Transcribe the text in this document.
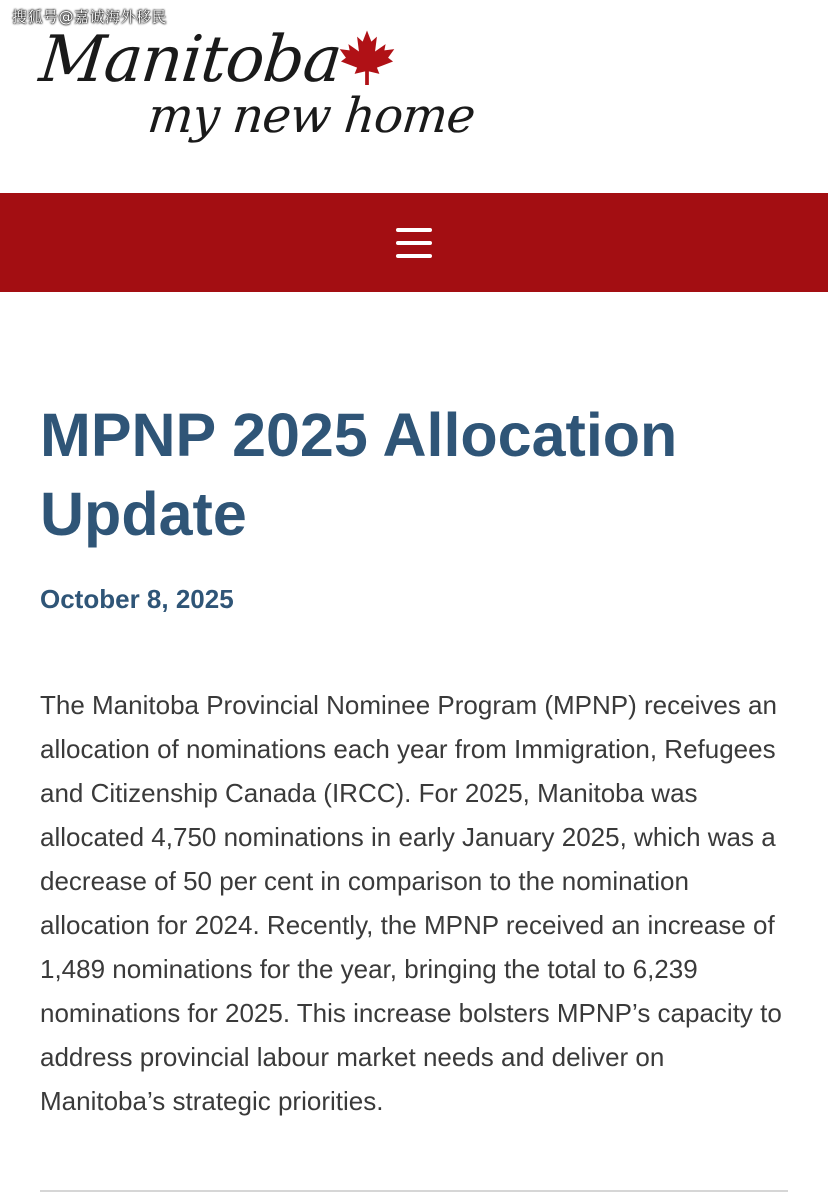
搜狐号@嘉诚海外移民
Manitoba
my new home
MPNP 2025 Allocation Update
October 8, 2025

The Manitoba Provincial Nominee Program (MPNP) receives an allocation of nominations each year from Immigration, Refugees and Citizenship Canada (IRCC). For 2025, Manitoba was allocated 4,750 nominations in early January 2025, which was a decrease of 50 per cent in comparison to the nomination allocation for 2024. Recently, the MPNP received an increase of 1,489 nominations for the year, bringing the total to 6,239 nominations for 2025. This increase bolsters MPNP’s capacity to address provincial labour market needs and deliver on Manitoba’s strategic priorities.
